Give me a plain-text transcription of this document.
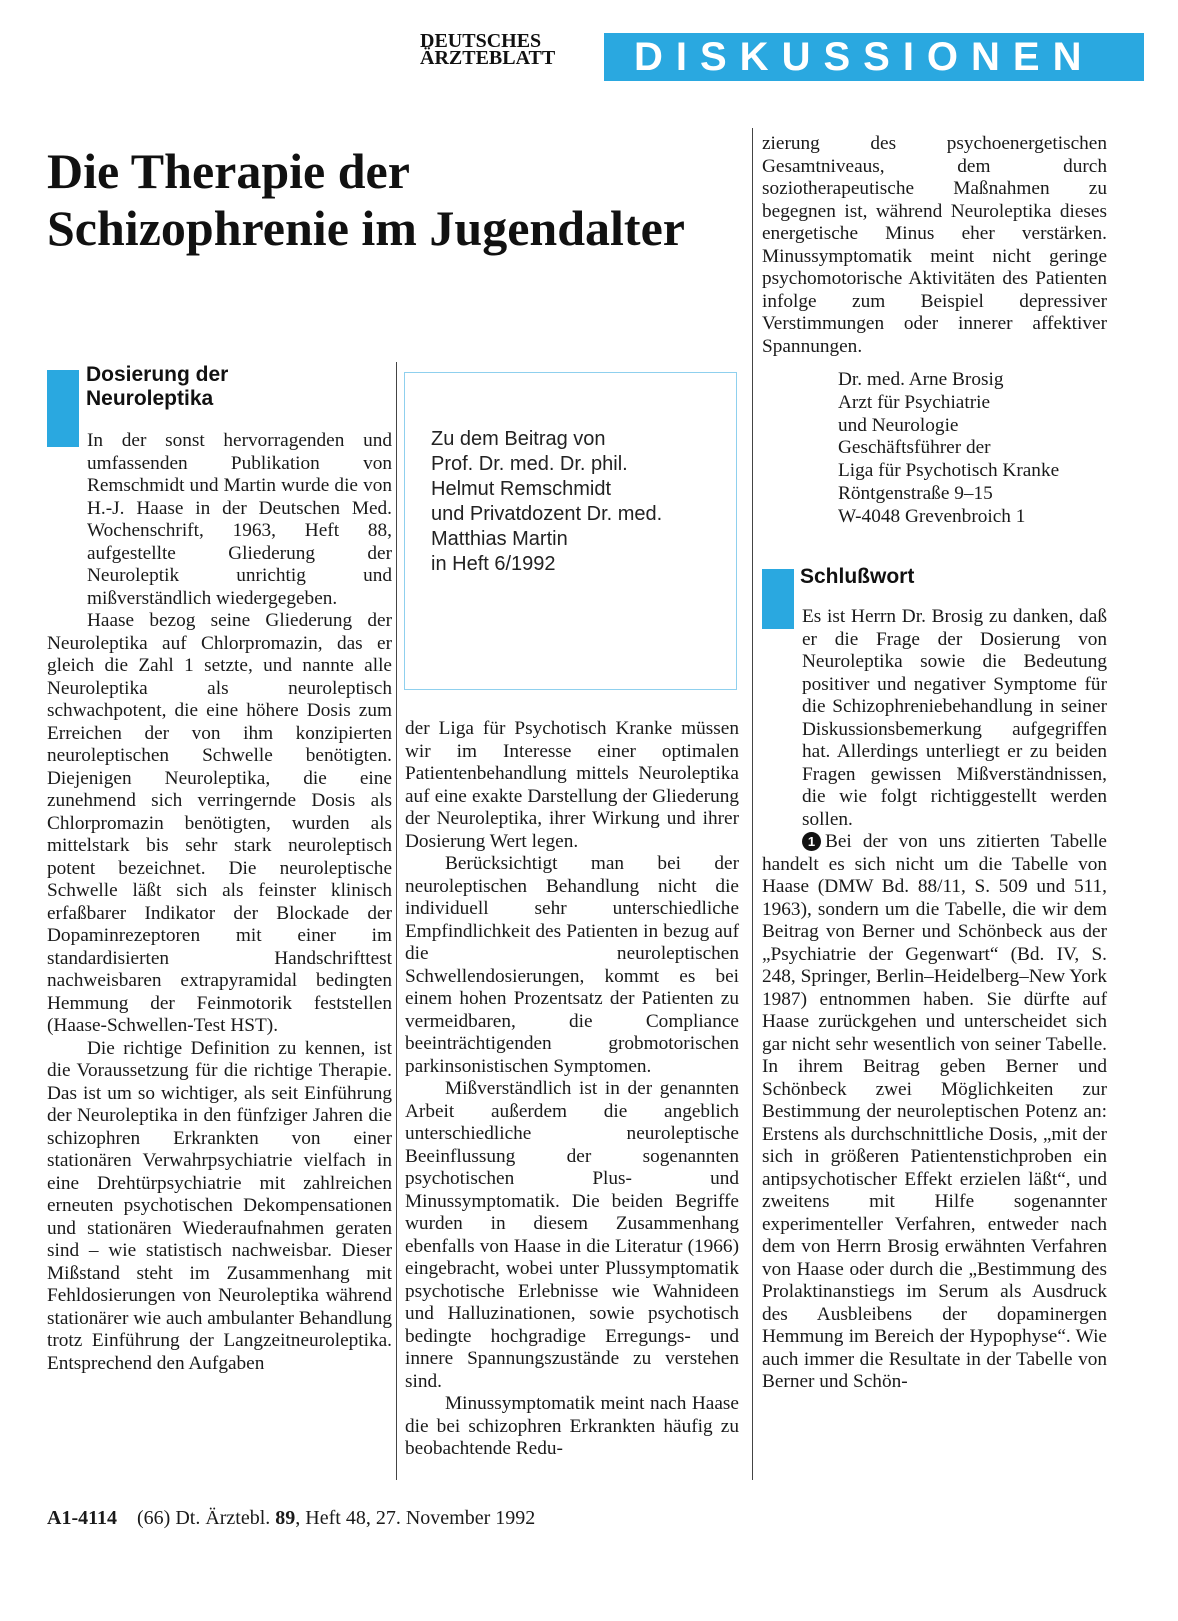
DEUTSCHES
ÄRZTEBLATT	DISKUSSIONEN
Die Therapie der Schizophrenie im Jugendalter
Dosierung der Neuroleptika

In der sonst hervorragenden und umfassenden Publikation von Remschmidt und Martin wurde die von H.-J. Haase in der Deutschen Med. Wochenschrift, 1963, Heft 88, aufgestellte Gliederung der Neuroleptik unrichtig und mißverständlich wiedergegeben.

Haase bezog seine Gliederung der Neuroleptika auf Chlorpromazin, das er gleich die Zahl 1 setzte, und nannte alle Neuroleptika als neuroleptisch schwachpotent, die eine höhere Dosis zum Erreichen der von ihm konzipierten neuroleptischen Schwelle benötigten. Diejenigen Neuroleptika, die eine zunehmend sich verringernde Dosis als Chlorpromazin benötigten, wurden als mittelstark bis sehr stark neuroleptisch potent bezeichnet. Die neuroleptische Schwelle läßt sich als feinster klinisch erfaßbarer Indikator der Blockade der Dopaminrezeptoren mit einer im standardisierten Handschrifttest nachweisbaren extrapyramidal bedingten Hemmung der Feinmotorik feststellen (Haase-Schwellen-Test HST).

Die richtige Definition zu kennen, ist die Voraussetzung für die richtige Therapie. Das ist um so wichtiger, als seit Einführung der Neuroleptika in den fünfziger Jahren die schizophren Erkrankten von einer stationären Verwahrpsychiatrie vielfach in eine Drehtürpsychiatrie mit zahlreichen erneuten psychotischen Dekompensationen und stationären Wiederaufnahmen geraten sind – wie statistisch nachweisbar. Dieser Mißstand steht im Zusammenhang mit Fehldosierungen von Neuroleptika während stationärer wie auch ambulanter Behandlung trotz Einführung der Langzeitneuroleptika. Entsprechend den Aufgaben

Zu dem Beitrag von
Prof. Dr. med. Dr. phil.
Helmut Remschmidt
und Privatdozent Dr. med.
Matthias Martin
in Heft 6/1992

der Liga für Psychotisch Kranke müssen wir im Interesse einer optimalen Patientenbehandlung mittels Neuroleptika auf eine exakte Darstellung der Gliederung der Neuroleptika, ihrer Wirkung und ihrer Dosierung Wert legen.

Berücksichtigt man bei der neuroleptischen Behandlung nicht die individuell sehr unterschiedliche Empfindlichkeit des Patienten in bezug auf die neuroleptischen Schwellendosierungen, kommt es bei einem hohen Prozentsatz der Patienten zu vermeidbaren, die Compliance beeinträchtigenden grobmotorischen parkinsonistischen Symptomen.

Mißverständlich ist in der genannten Arbeit außerdem die angeblich unterschiedliche neuroleptische Beeinflussung der sogenannten psychotischen Plus- und Minussymptomatik. Die beiden Begriffe wurden in diesem Zusammenhang ebenfalls von Haase in die Literatur (1966) eingebracht, wobei unter Plussymptomatik psychotische Erlebnisse wie Wahnideen und Halluzinationen, sowie psychotisch bedingte hochgradige Erregungs- und innere Spannungszustände zu verstehen sind.

Minussymptomatik meint nach Haase die bei schizophren Erkrankten häufig zu beobachtende Redu-

zierung des psychoenergetischen Gesamtniveaus, dem durch soziotherapeutische Maßnahmen zu begegnen ist, während Neuroleptika dieses energetische Minus eher verstärken. Minussymptomatik meint nicht geringe psychomotorische Aktivitäten des Patienten infolge zum Beispiel depressiver Verstimmungen oder innerer affektiver Spannungen.

Dr. med. Arne Brosig
Arzt für Psychiatrie
und Neurologie
Geschäftsführer der
Liga für Psychotisch Kranke
Röntgenstraße 9–15
W-4048 Grevenbroich 1
Schlußwort

Es ist Herrn Dr. Brosig zu danken, daß er die Frage der Dosierung von Neuroleptika sowie die Bedeutung positiver und negativer Symptome für die Schizophreniebehandlung in seiner Diskussionsbemerkung aufgegriffen hat. Allerdings unterliegt er zu beiden Fragen gewissen Mißverständnissen, die wie folgt richtiggestellt werden sollen.

1 Bei der von uns zitierten Tabelle handelt es sich nicht um die Tabelle von Haase (DMW Bd. 88/11, S. 509 und 511, 1963), sondern um die Tabelle, die wir dem Beitrag von Berner und Schönbeck aus der „Psychiatrie der Gegenwart“ (Bd. IV, S. 248, Springer, Berlin–Heidelberg–New York 1987) entnommen haben. Sie dürfte auf Haase zurückgehen und unterscheidet sich gar nicht sehr wesentlich von seiner Tabelle. In ihrem Beitrag geben Berner und Schönbeck zwei Möglichkeiten zur Bestimmung der neuroleptischen Potenz an: Erstens als durchschnittliche Dosis, „mit der sich in größeren Patientenstichproben ein antipsychotischer Effekt erzielen läßt“, und zweitens mit Hilfe sogenannter experimenteller Verfahren, entweder nach dem von Herrn Brosig erwähnten Verfahren von Haase oder durch die „Bestimmung des Prolaktinanstiegs im Serum als Ausdruck des Ausbleibens der dopaminergen Hemmung im Bereich der Hypophyse“. Wie auch immer die Resultate in der Tabelle von Berner und Schön-

A1-4114 (66) Dt. Ärztebl. 89, Heft 48, 27. November 1992
